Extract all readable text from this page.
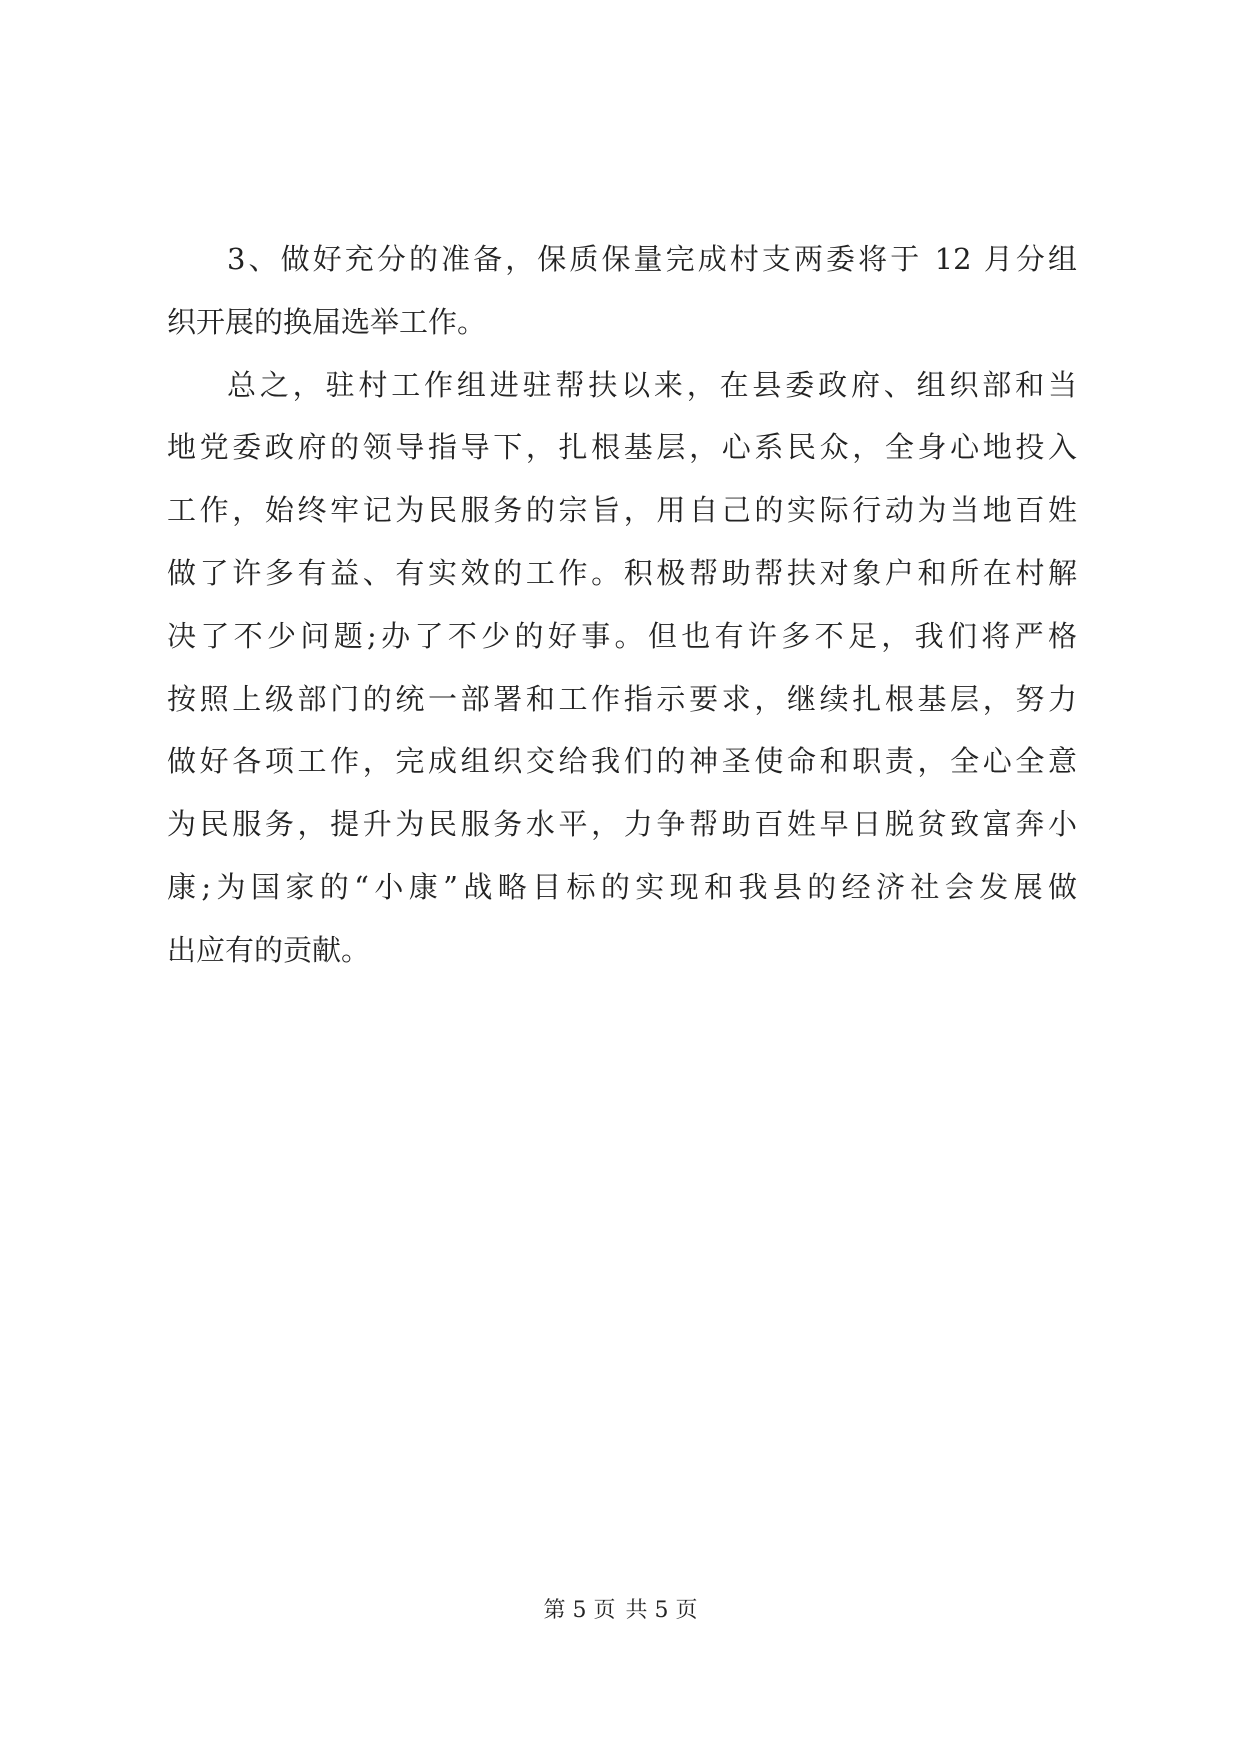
3、做好充分的准备，保质保量完成村支两委将于 12 月分组
织开展的换届选举工作。
总之，驻村工作组进驻帮扶以来，在县委政府、组织部和当
地党委政府的领导指导下，扎根基层，心系民众，全身心地投入
工作，始终牢记为民服务的宗旨，用自己的实际行动为当地百姓
做了许多有益、有实效的工作。积极帮助帮扶对象户和所在村解
决了不少问题;办了不少的好事。但也有许多不足，我们将严格
按照上级部门的统一部署和工作指示要求，继续扎根基层，努力
做好各项工作，完成组织交给我们的神圣使命和职责，全心全意
为民服务，提升为民服务水平，力争帮助百姓早日脱贫致富奔小
康;为国家的“小康”战略目标的实现和我县的经济社会发展做
出应有的贡献。
第 5 页 共 5 页
